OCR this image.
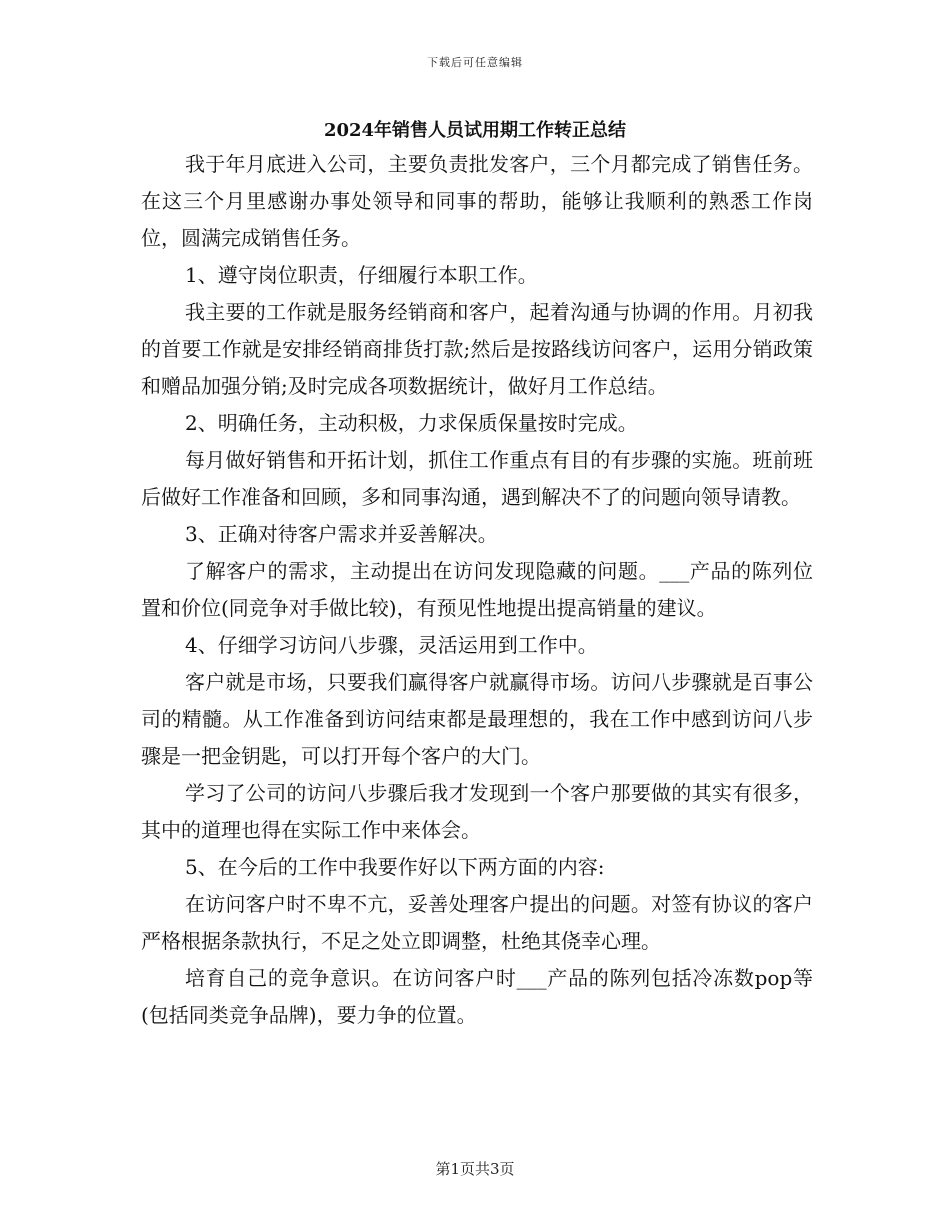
下载后可任意编辑
2024年销售人员试用期工作转正总结

我于年月底进入公司，主要负责批发客户，三个月都完成了销售任务。在这三个月里感谢办事处领导和同事的帮助，能够让我顺利的熟悉工作岗位，圆满完成销售任务。

1、遵守岗位职责，仔细履行本职工作。

我主要的工作就是服务经销商和客户，起着沟通与协调的作用。月初我的首要工作就是安排经销商排货打款;然后是按路线访问客户，运用分销政策和赠品加强分销;及时完成各项数据统计，做好月工作总结。

2、明确任务，主动积极，力求保质保量按时完成。

每月做好销售和开拓计划，抓住工作重点有目的有步骤的实施。班前班后做好工作准备和回顾，多和同事沟通，遇到解决不了的问题向领导请教。

3、正确对待客户需求并妥善解决。

了解客户的需求，主动提出在访问发现隐藏的问题。___产品的陈列位置和价位(同竞争对手做比较)，有预见性地提出提高销量的建议。

4、仔细学习访问八步骤，灵活运用到工作中。

客户就是市场，只要我们赢得客户就赢得市场。访问八步骤就是百事公司的精髓。从工作准备到访问结束都是最理想的，我在工作中感到访问八步骤是一把金钥匙，可以打开每个客户的大门。

学习了公司的访问八步骤后我才发现到一个客户那要做的其实有很多，其中的道理也得在实际工作中来体会。

5、在今后的工作中我要作好以下两方面的内容:

在访问客户时不卑不亢，妥善处理客户提出的问题。对签有协议的客户严格根据条款执行，不足之处立即调整，杜绝其侥幸心理。

培育自己的竞争意识。在访问客户时___产品的陈列包括冷冻数pop等(包括同类竞争品牌)，要力争的位置。

第1页共3页
